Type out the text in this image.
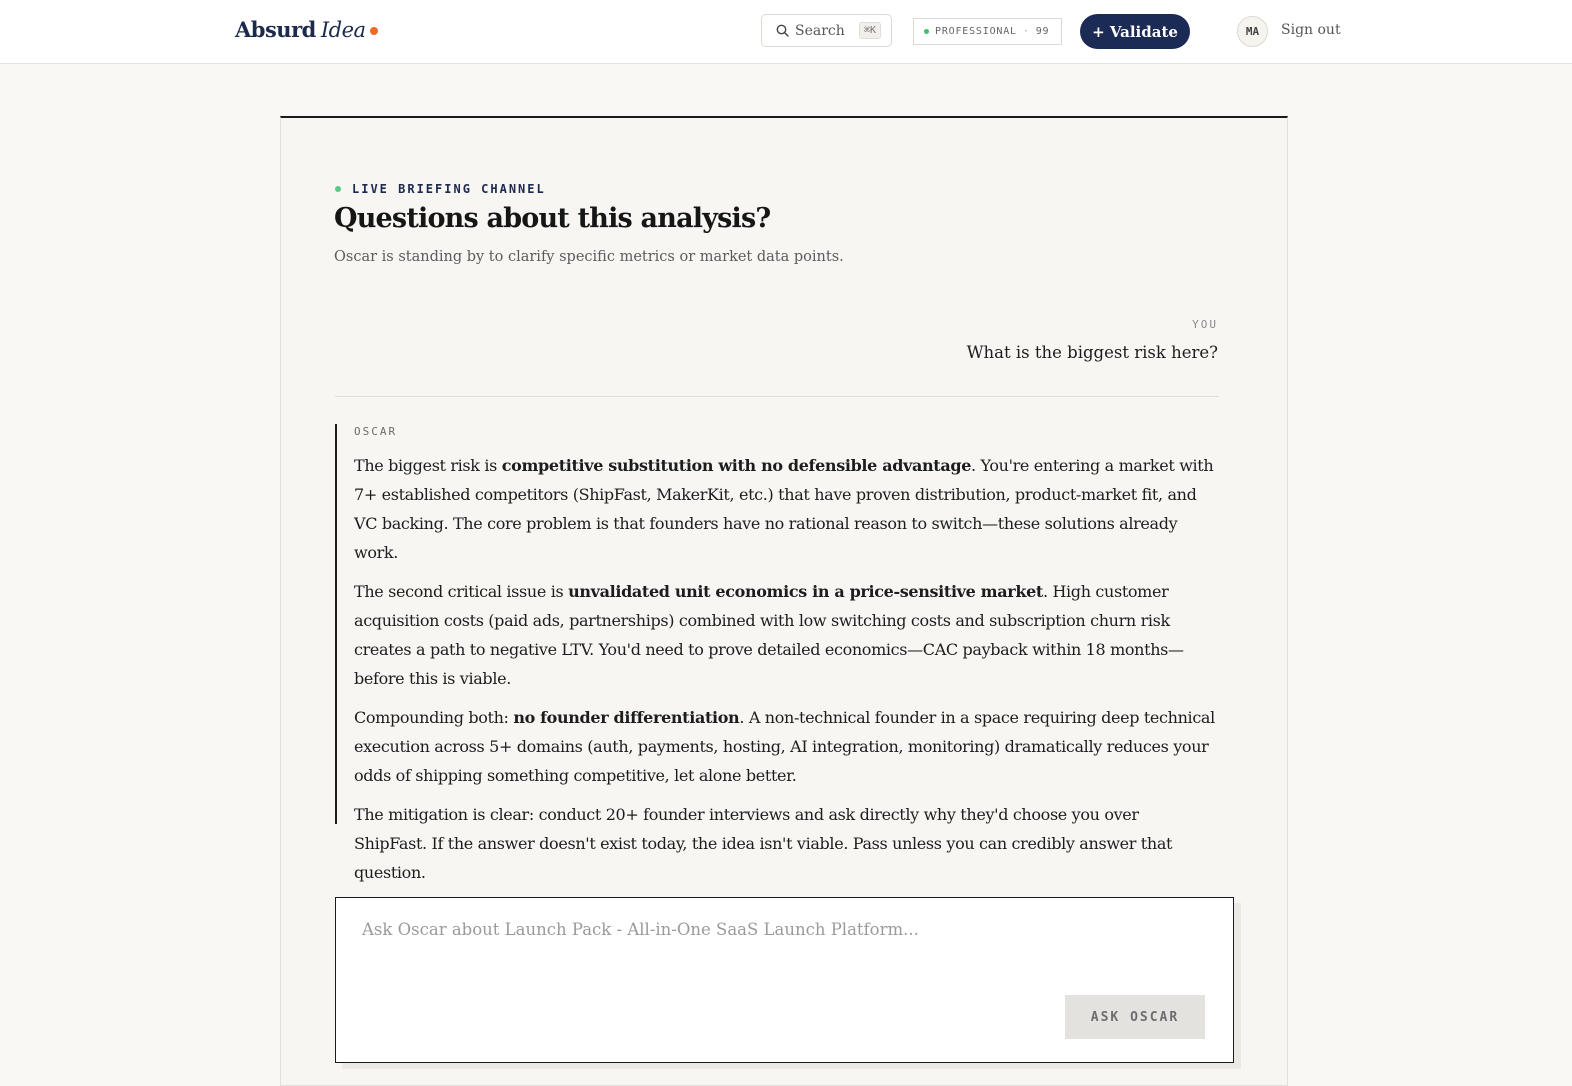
Absurd Idea	Search	⌘K	PROFESSIONAL · 99	+ Validate	MA	Sign out
LIVE BRIEFING CHANNEL
Questions about this analysis?
Oscar is standing by to clarify specific metrics or market data points.
YOU
What is the biggest risk here?
OSCAR

The biggest risk is competitive substitution with no defensible advantage. You're entering a market with 7+ established competitors (ShipFast, MakerKit, etc.) that have proven distribution, product-market fit, and VC backing. The core problem is that founders have no rational reason to switch—these solutions already work.

The second critical issue is unvalidated unit economics in a price-sensitive market. High customer acquisition costs (paid ads, partnerships) combined with low switching costs and subscription churn risk creates a path to negative LTV. You'd need to prove detailed economics—CAC payback within 18 months—before this is viable.

Compounding both: no founder differentiation. A non-technical founder in a space requiring deep technical execution across 5+ domains (auth, payments, hosting, AI integration, monitoring) dramatically reduces your odds of shipping something competitive, let alone better.

The mitigation is clear: conduct 20+ founder interviews and ask directly why they'd choose you over ShipFast. If the answer doesn't exist today, the idea isn't viable. Pass unless you can credibly answer that question.

Ask Oscar about Launch Pack - All-in-One SaaS Launch Platform...
ASK OSCAR
